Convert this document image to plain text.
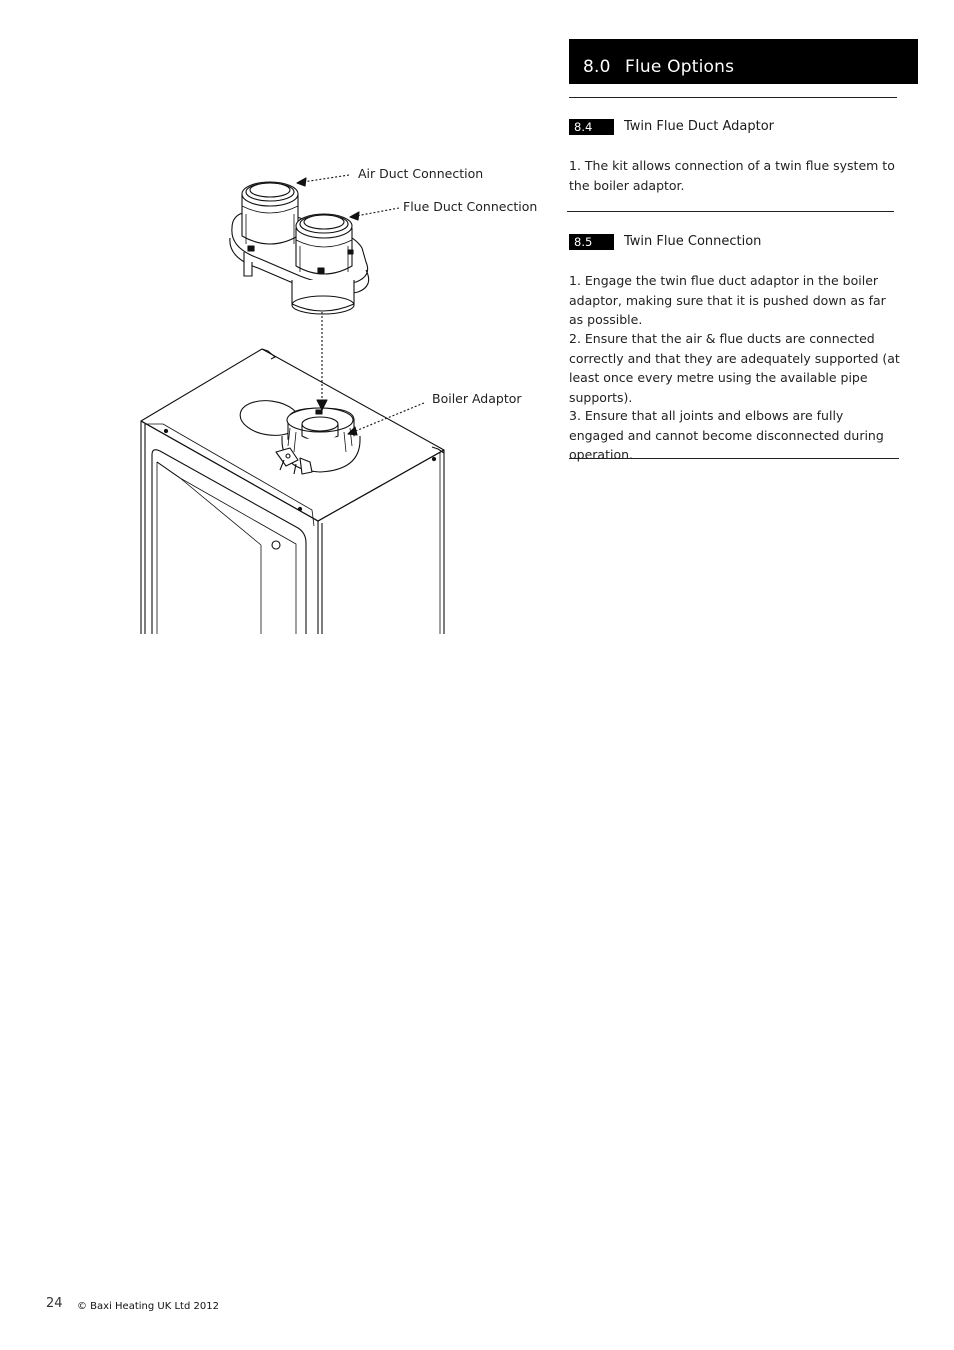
Air Duct Connection
Flue Duct Connection
Boiler Adaptor
8.0 Flue Options
8.4	Twin Flue Duct Adaptor

1. The kit allows connection of a twin flue system to the boiler adaptor.

8.5	Twin Flue Connection

1. Engage the twin flue duct adaptor in the boiler adaptor, making sure that it is pushed down as far as possible.

2. Ensure that the air & flue ducts are connected correctly and that they are adequately supported (at least once every metre using the available pipe supports).

3. Ensure that all joints and elbows are fully engaged and cannot become disconnected during operation.

24 © Baxi Heating UK Ltd 2012
